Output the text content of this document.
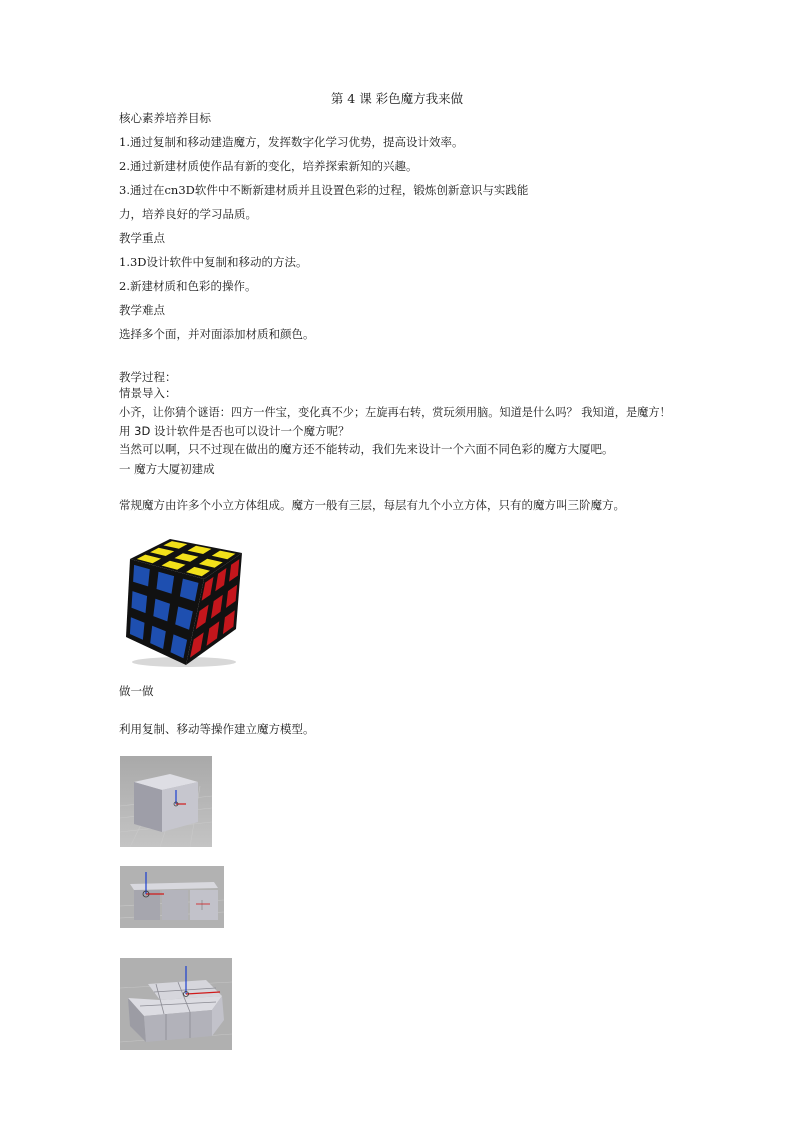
第 4 课 彩色魔方我来做
核心素养培养目标
1.通过复制和移动建造魔方，发挥数字化学习优势，提高设计效率。
2.通过新建材质使作品有新的变化，培养探索新知的兴趣。
3.通过在cn3D软件中不断新建材质并且设置色彩的过程，锻炼创新意识与实践能
力，培养良好的学习品质。
教学重点
1.3D设计软件中复制和移动的方法。
2.新建材质和色彩的操作。
教学难点
选择多个面，并对面添加材质和颜色。
教学过程：
情景导入：
小齐，让你猜个谜语：四方一件宝，变化真不少；左旋再右转，赏玩须用脑。知道是什么吗？ 我知道，是魔方！
用 3D 设计软件是否也可以设计一个魔方呢？
当然可以啊，只不过现在做出的魔方还不能转动，我们先来设计一个六面不同色彩的魔方大厦吧。
一 魔方大厦初建成
常规魔方由许多个小立方体组成。魔方一般有三层，每层有九个小立方体，只有的魔方叫三阶魔方。
做一做
利用复制、移动等操作建立魔方模型。
